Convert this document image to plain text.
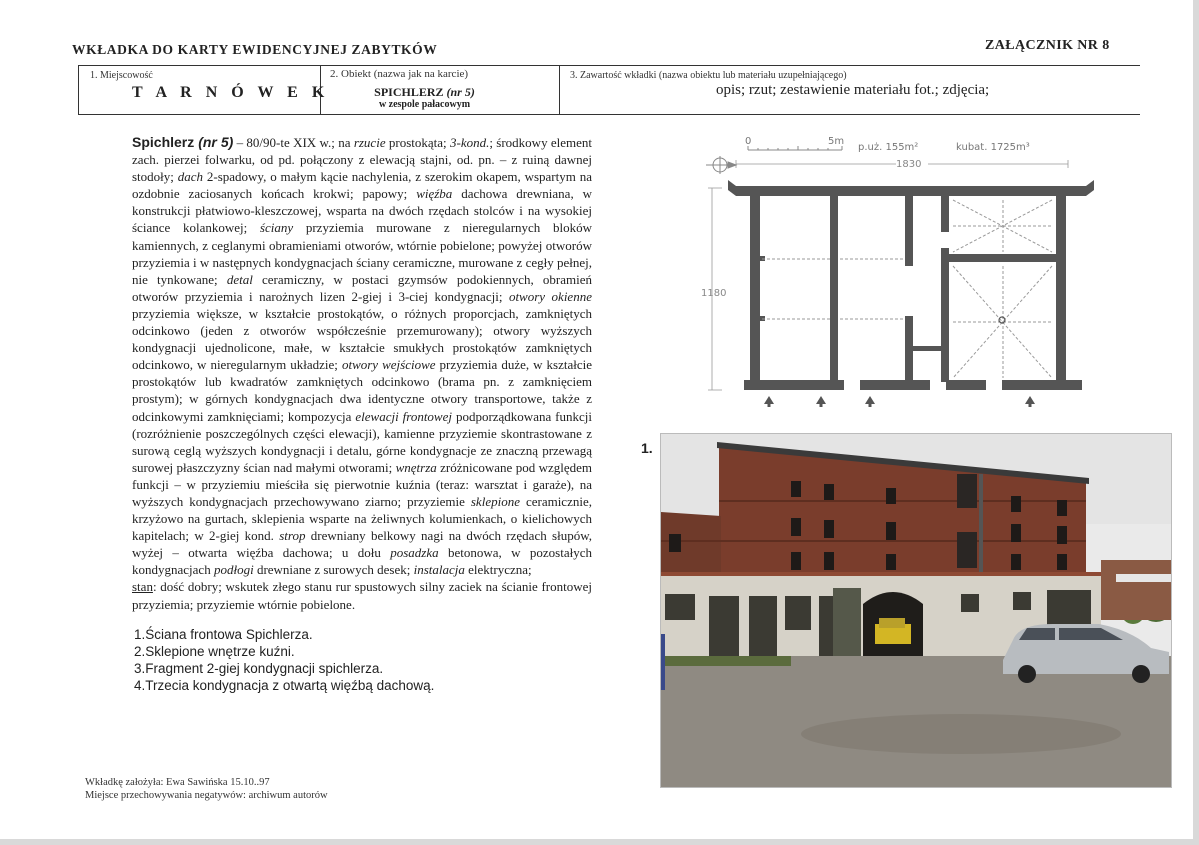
WKŁADKA DO KARTY EWIDENCYJNEJ ZABYTKÓW	ZAŁĄCZNIK NR 8
1. Miejscowość
T A R N Ó W E K
2. Obiekt (nazwa jak na karcie)
SPICHLERZ (nr 5)
w zespole pałacowym
3. Zawartość wkładki (nazwa obiektu lub materiału uzupełniającego)
opis; rzut; zestawienie materiału fot.; zdjęcia;

Spichlerz (nr 5) – 80/90-te XIX w.; na rzucie prostokąta; 3-kond.; środkowy element zach. pierzei folwarku, od pd. połączony z elewacją stajni, od. pn. – z ruiną dawnej stodoły; dach 2-spadowy, o małym kącie nachylenia, z szerokim okapem, wspartym na ozdobnie zaciosanych końcach krokwi; papowy; więźba dachowa drewniana, w konstrukcji płatwiowo-kleszczowej, wsparta na dwóch rzędach stolców i na wysokiej ściance kolankowej; ściany przyziemia murowane z nieregularnych bloków kamiennych, z ceglanymi obramieniami otworów, wtórnie pobielone; powyżej otworów przyziemia i w następnych kondygnacjach ściany ceramiczne, murowane z cegły pełnej, nie tynkowane; detal ceramiczny, w postaci gzymsów podokiennych, obramień otworów przyziemia i narożnych lizen 2-giej i 3-ciej kondygnacji; otwory okienne przyziemia większe, w kształcie prostokątów, o różnych proporcjach, zamkniętych odcinkowo (jeden z otworów współcześnie przemurowany); otwory wyższych kondygnacji ujednolicone, małe, w kształcie smukłych prostokątów zamkniętych odcinkowo, w nieregularnym układzie; otwory wejściowe przyziemia duże, w kształcie prostokątów lub kwadratów zamkniętych odcinkowo (brama pn. z zamknięciem prostym); w górnych kondygnacjach dwa identyczne otwory transportowe, także z odcinkowymi zamknięciami; kompozycja elewacji frontowej podporządkowana funkcji (rozróżnienie poszczególnych części elewacji), kamienne przyziemie skontrastowane z surową ceglą wyższych kondygnacji i detalu, górne kondygnacje ze znaczną przewagą surowej płaszczyzny ścian nad małymi otworami; wnętrza zróżnicowane pod względem funkcji – w przyziemiu mieściła się pierwotnie kuźnia (teraz: warsztat i garaże), na wyższych kondygnacjach przechowywano ziarno; przyziemie sklepione ceramicznie, krzyżowo na gurtach, sklepienia wsparte na żeliwnych kolumienkach, o kielichowych kapitelach; w 2-giej kond. strop drewniany belkowy nagi na dwóch rzędach słupów, wyżej – otwarta więźba dachowa; u dołu posadzka betonowa, w pozostałych kondygnacjach podłogi drewniane z surowych desek; instalacja elektryczna;

stan: dość dobry; wskutek złego stanu rur spustowych silny zaciek na ścianie frontowej przyziemia; przyziemie wtórnie pobielone.

1.Ściana frontowa Spichlerza.
2.Sklepione wnętrze kuźni.
3.Fragment 2-giej kondygnacji spichlerza.
4.Trzecia kondygnacja z otwartą więźbą dachową.
Wkładkę założyła: Ewa Sawińska 15.10..97
Miejsce przechowywania negatywów: archiwum autorów
0	5m
p.uż. 155m²	kubat. 1725m³
1830
1180
1.
